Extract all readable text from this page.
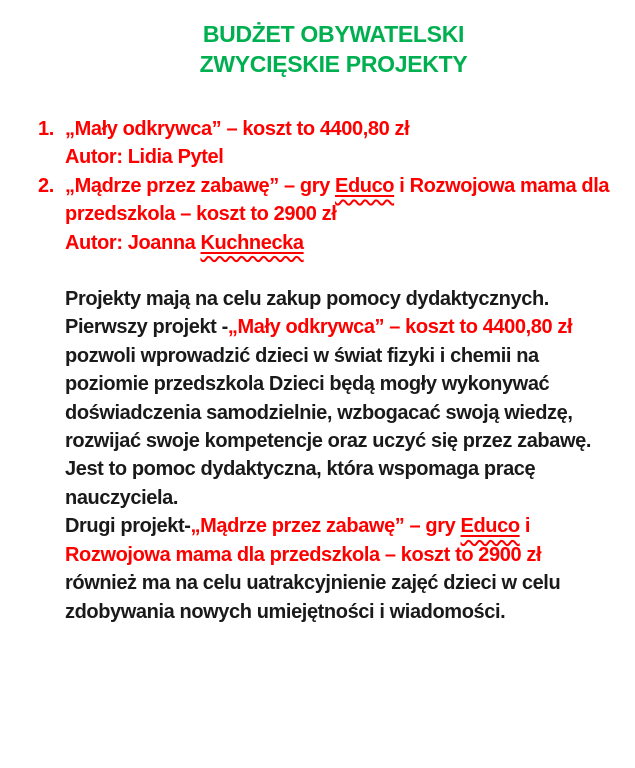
BUDŻET OBYWATELSKI
ZWYCIĘSKIE PROJEKTY
1. „Mały odkrywca” – koszt to 4400,80 zł
Autor: Lidia Pytel
2. „Mądrze przez zabawę” – gry Educo i Rozwojowa mama dla
przedszkola – koszt to 2900 zł
Autor: Joanna Kuchnecka
Projekty mają na celu zakup pomocy dydaktycznych.
Pierwszy projekt -„Mały odkrywca” – koszt to 4400,80 zł
pozwoli wprowadzić dzieci w świat fizyki i chemii na
poziomie przedszkola Dzieci będą mogły wykonywać
doświadczenia samodzielnie, wzbogacać swoją wiedzę,
rozwijać swoje kompetencje oraz uczyć się przez zabawę.
Jest to pomoc dydaktyczna, która wspomaga pracę
nauczyciela.
Drugi projekt-„Mądrze przez zabawę” – gry Educo i
Rozwojowa mama dla przedszkola – koszt to 2900 zł
również ma na celu uatrakcyjnienie zajęć dzieci w celu
zdobywania nowych umiejętności i wiadomości.
